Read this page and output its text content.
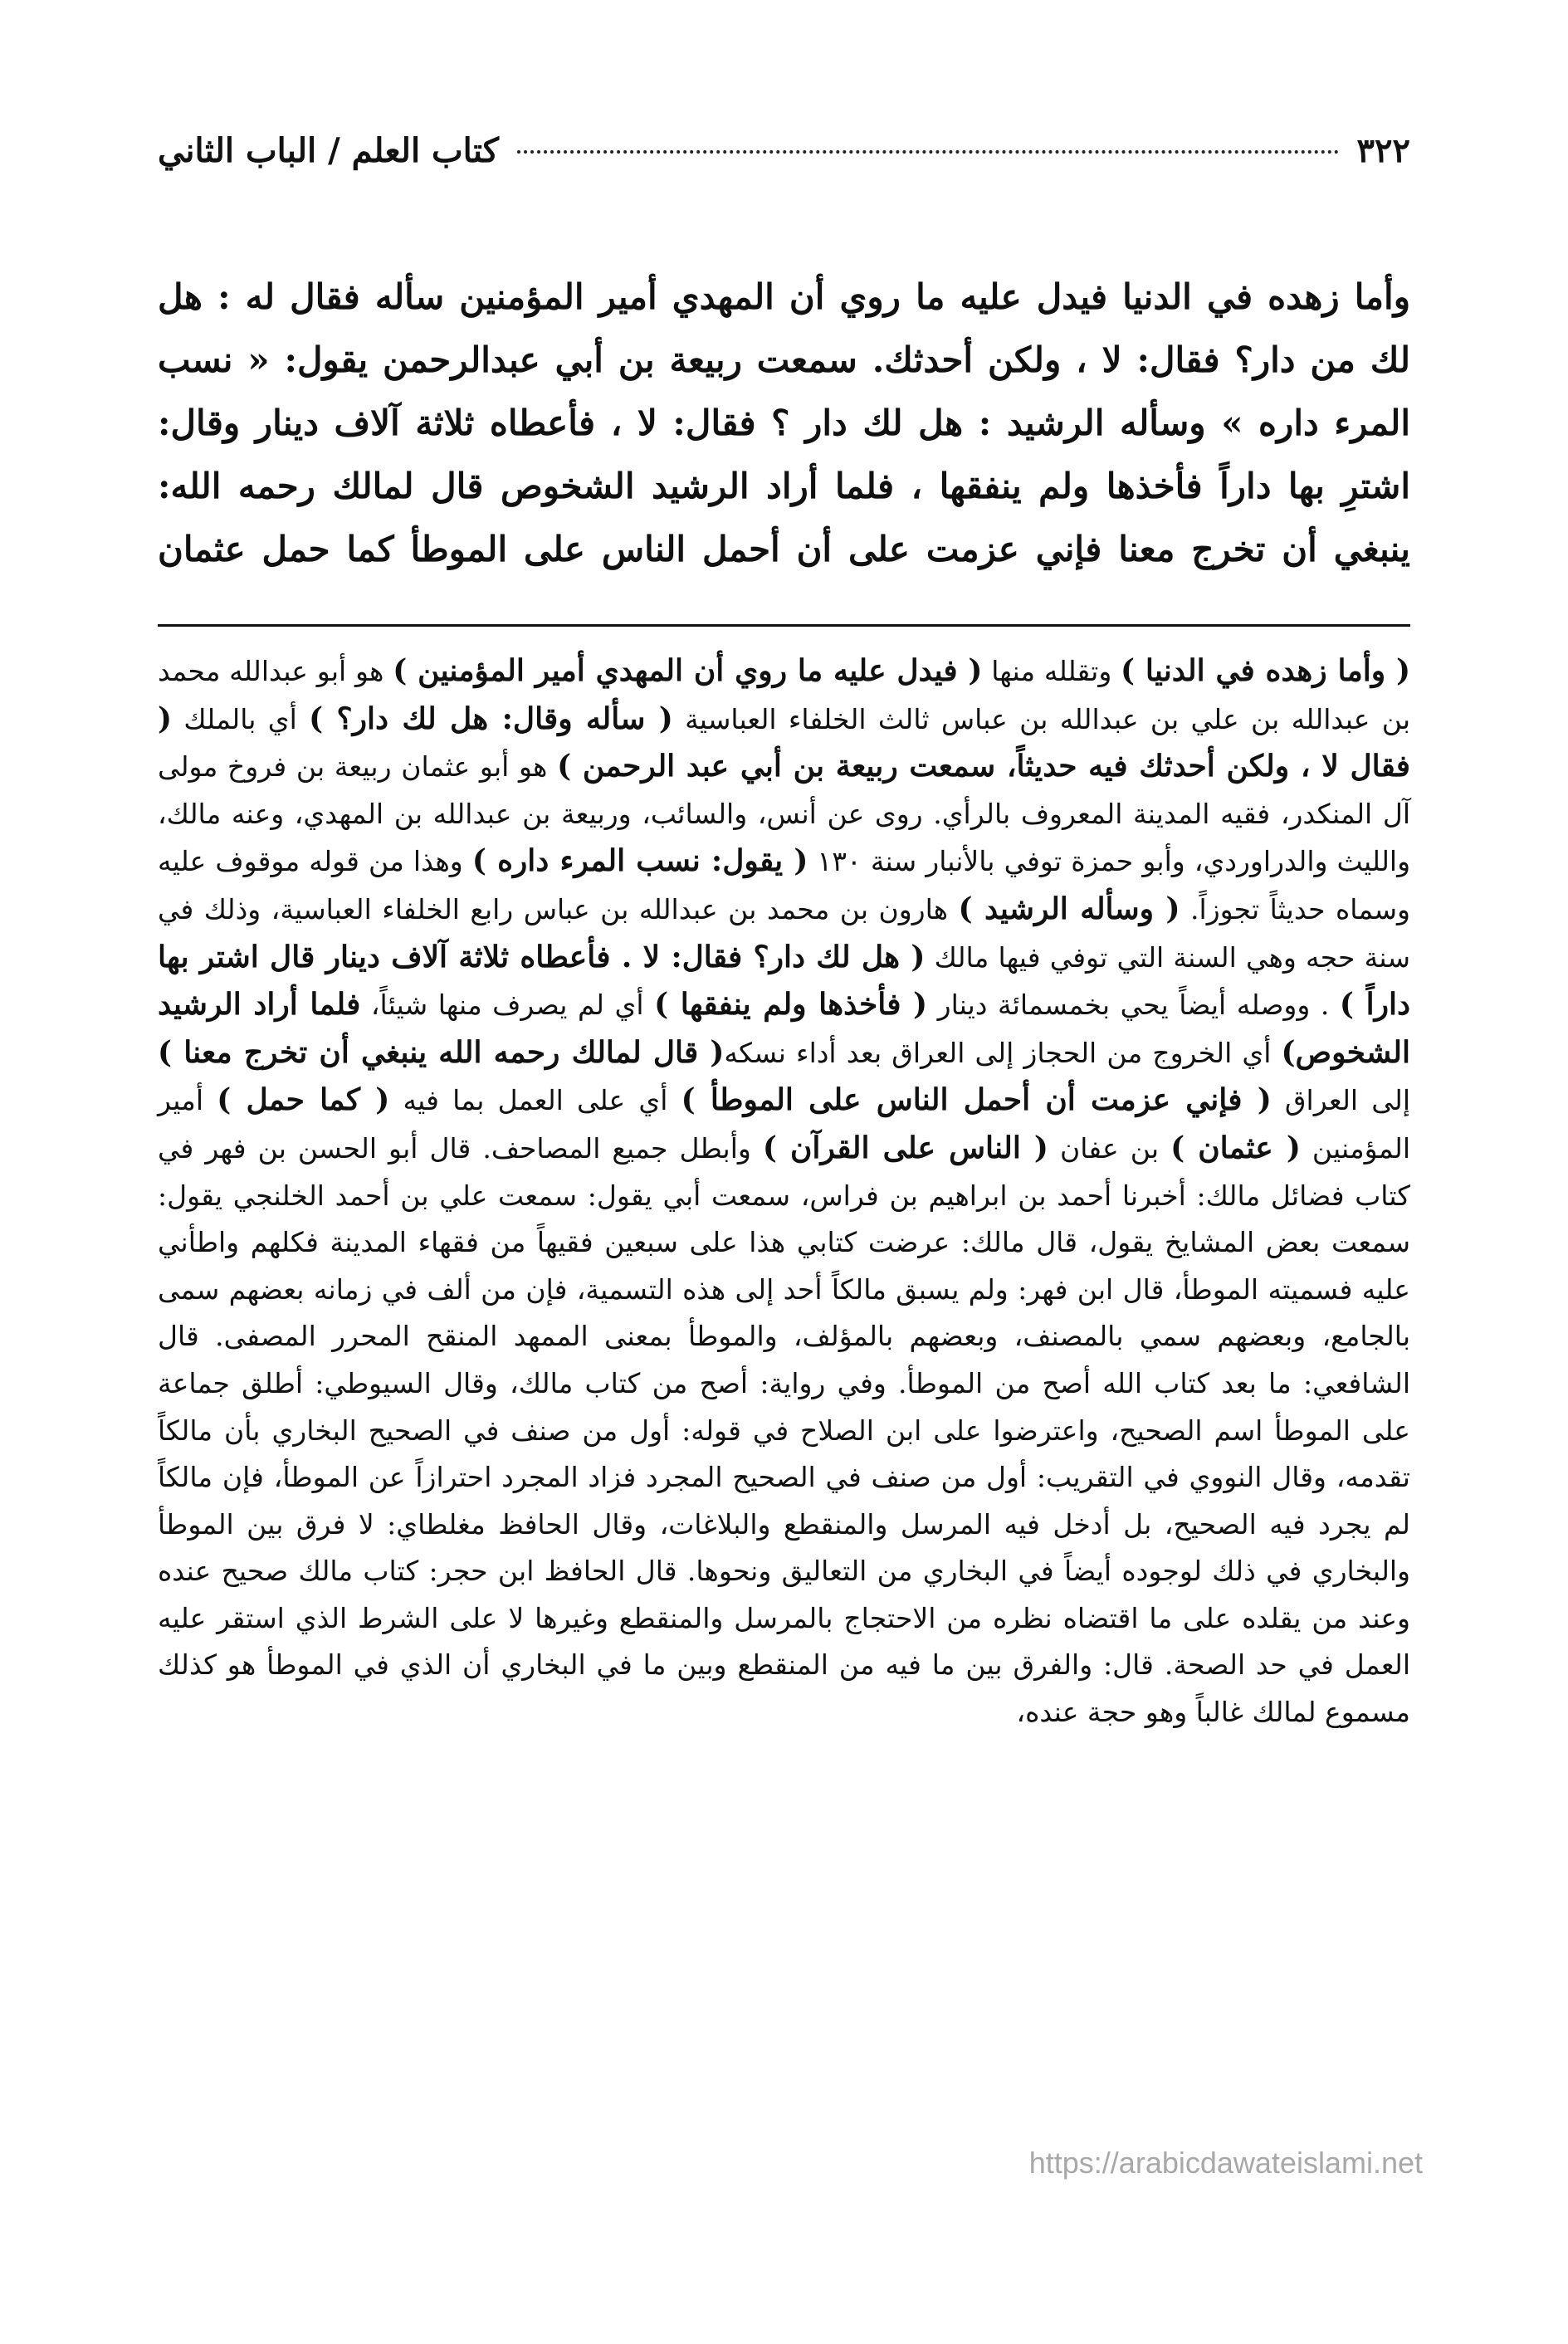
٣٢٢
كتاب العلم / الباب الثاني

وأما زهده في الدنيا فيدل عليه ما روي أن المهدي أمير المؤمنين سأله فقال له : هل لك من دار؟ فقال: لا ، ولكن أحدثك. سمعت ربيعة بن أبي عبدالرحمن يقول: « نسب المرء داره » وسأله الرشيد : هل لك دار ؟ فقال: لا ، فأعطاه ثلاثة آلاف دينار وقال: اشترِ بها داراً فأخذها ولم ينفقها ، فلما أراد الرشيد الشخوص قال لمالك رحمه الله: ينبغي أن تخرج معنا فإني عزمت على أن أحمل الناس على الموطأ كما حمل عثمان

( وأما زهده في الدنيا ) وتقلله منها ( فيدل عليه ما روي أن المهدي أمير المؤمنين ) هو أبو عبدالله محمد بن عبدالله بن علي بن عبدالله بن عباس ثالث الخلفاء العباسية ( سأله وقال: هل لك دار؟ ) أي بالملك ( فقال لا ، ولكن أحدثك فيه حديثاً، سمعت ربيعة بن أبي عبد الرحمن ) هو أبو عثمان ربيعة بن فروخ مولى آل المنكدر، فقيه المدينة المعروف بالرأي. روى عن أنس، والسائب، وربيعة بن عبدالله بن المهدي، وعنه مالك، والليث والدراوردي، وأبو حمزة توفي بالأنبار سنة ١٣٠ ( يقول: نسب المرء داره ) وهذا من قوله موقوف عليه وسماه حديثاً تجوزاً. ( وسأله الرشيد ) هارون بن محمد بن عبدالله بن عباس رابع الخلفاء العباسية، وذلك في سنة حجه وهي السنة التي توفي فيها مالك ( هل لك دار؟ فقال: لا . فأعطاه ثلاثة آلاف دينار قال اشتر بها داراً ) . ووصله أيضاً يحي بخمسمائة دينار ( فأخذها ولم ينفقها ) أي لم يصرف منها شيئاً، فلما أراد الرشيد الشخوص) أي الخروج من الحجاز إلى العراق بعد أداء نسكه( قال لمالك رحمه الله ينبغي أن تخرج معنا ) إلى العراق ( فإني عزمت أن أحمل الناس على الموطأ ) أي على العمل بما فيه ( كما حمل ) أمير المؤمنين ( عثمان ) بن عفان ( الناس على القرآن ) وأبطل جميع المصاحف. قال أبو الحسن بن فهر في كتاب فضائل مالك: أخبرنا أحمد بن ابراهيم بن فراس، سمعت أبي يقول: سمعت علي بن أحمد الخلنجي يقول: سمعت بعض المشايخ يقول، قال مالك: عرضت كتابي هذا على سبعين فقيهاً من فقهاء المدينة فكلهم واطأني عليه فسميته الموطأ، قال ابن فهر: ولم يسبق مالكاً أحد إلى هذه التسمية، فإن من ألف في زمانه بعضهم سمى بالجامع، وبعضهم سمي بالمصنف، وبعضهم بالمؤلف، والموطأ بمعنى الممهد المنقح المحرر المصفى. قال الشافعي: ما بعد كتاب الله أصح من الموطأ. وفي رواية: أصح من كتاب مالك، وقال السيوطي: أطلق جماعة على الموطأ اسم الصحيح، واعترضوا على ابن الصلاح في قوله: أول من صنف في الصحيح البخاري بأن مالكاً تقدمه، وقال النووي في التقريب: أول من صنف في الصحيح المجرد فزاد المجرد احترازاً عن الموطأ، فإن مالكاً لم يجرد فيه الصحيح، بل أدخل فيه المرسل والمنقطع والبلاغات، وقال الحافظ مغلطاي: لا فرق بين الموطأ والبخاري في ذلك لوجوده أيضاً في البخاري من التعاليق ونحوها. قال الحافظ ابن حجر: كتاب مالك صحيح عنده وعند من يقلده على ما اقتضاه نظره من الاحتجاج بالمرسل والمنقطع وغيرها لا على الشرط الذي استقر عليه العمل في حد الصحة. قال: والفرق بين ما فيه من المنقطع وبين ما في البخاري أن الذي في الموطأ هو كذلك مسموع لمالك غالباً وهو حجة عنده،

https://arabicdawateislami.net
